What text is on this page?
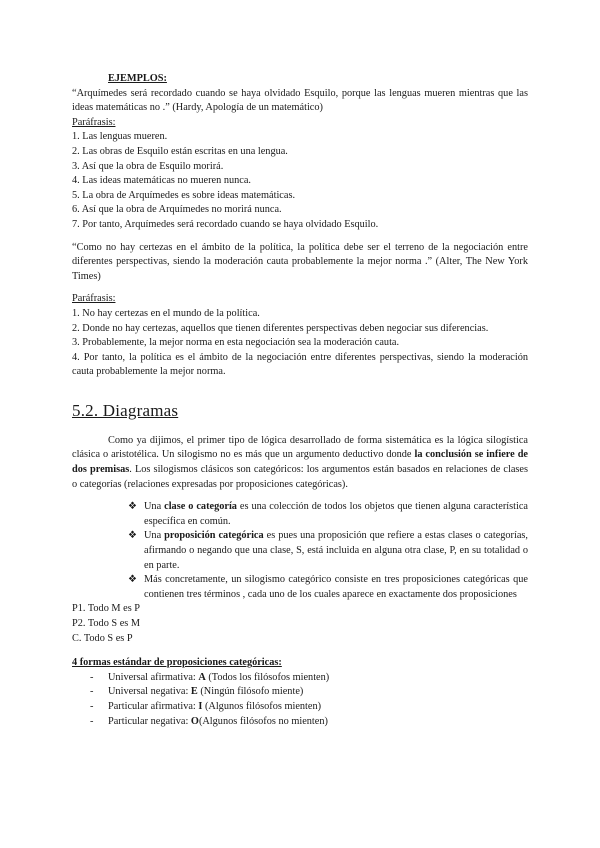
EJEMPLOS:
“Arquímedes será recordado cuando se haya olvidado Esquilo, porque las lenguas mueren mientras que las ideas matemáticas no .” (Hardy, Apología de un matemático)
Paráfrasis:
1. Las lenguas mueren.
2. Las obras de Esquilo están escritas en una lengua.
3. Así que la obra de Esquilo morirá.
4. Las ideas matemáticas no mueren nunca.
5. La obra de Arquímedes es sobre ideas matemáticas.
6. Así que la obra de Arquímedes no morirá nunca.
7. Por tanto, Arquímedes será recordado cuando se haya olvidado Esquilo.
“Como no hay certezas en el ámbito de la política, la política debe ser el terreno de la negociación entre diferentes perspectivas, siendo la moderación cauta probablemente la mejor norma .” (Alter, The New York Times)
Paráfrasis:
1. No hay certezas en el mundo de la política.
2. Donde no hay certezas, aquellos que tienen diferentes perspectivas deben negociar sus diferencias.
3. Probablemente, la mejor norma en esta negociación sea la moderación cauta.
4. Por tanto, la política es el ámbito de la negociación entre diferentes perspectivas, siendo la moderación cauta probablemente la mejor norma.
5.2. Diagramas
Como ya dijimos, el primer tipo de lógica desarrollado de forma sistemática es la lógica silogística clásica o aristotélica. Un silogismo no es más que un argumento deductivo donde la conclusión se infiere de dos premisas. Los silogismos clásicos son categóricos: los argumentos están basados en relaciones de clases o categorías (relaciones expresadas por proposiciones categóricas).
❖ Una clase o categoría es una colección de todos los objetos que tienen alguna característica específica en común.
❖ Una proposición categórica es pues una proposición que refiere a estas clases o categorías, afirmando o negando que una clase, S, está incluida en alguna otra clase, P, en su totalidad o en parte.
❖ Más concretamente, un silogismo categórico consiste en tres proposiciones categóricas que contienen tres términos , cada uno de los cuales aparece en exactamente dos proposiciones
P1. Todo M es P
P2. Todo S es M
C. Todo S es P
4 formas estándar de proposiciones categóricas:
- Universal afirmativa: A (Todos los filósofos mienten)
- Universal negativa: E (Ningún filósofo miente)
- Particular afirmativa: I (Algunos filósofos mienten)
- Particular negativa: O(Algunos filósofos no mienten)
